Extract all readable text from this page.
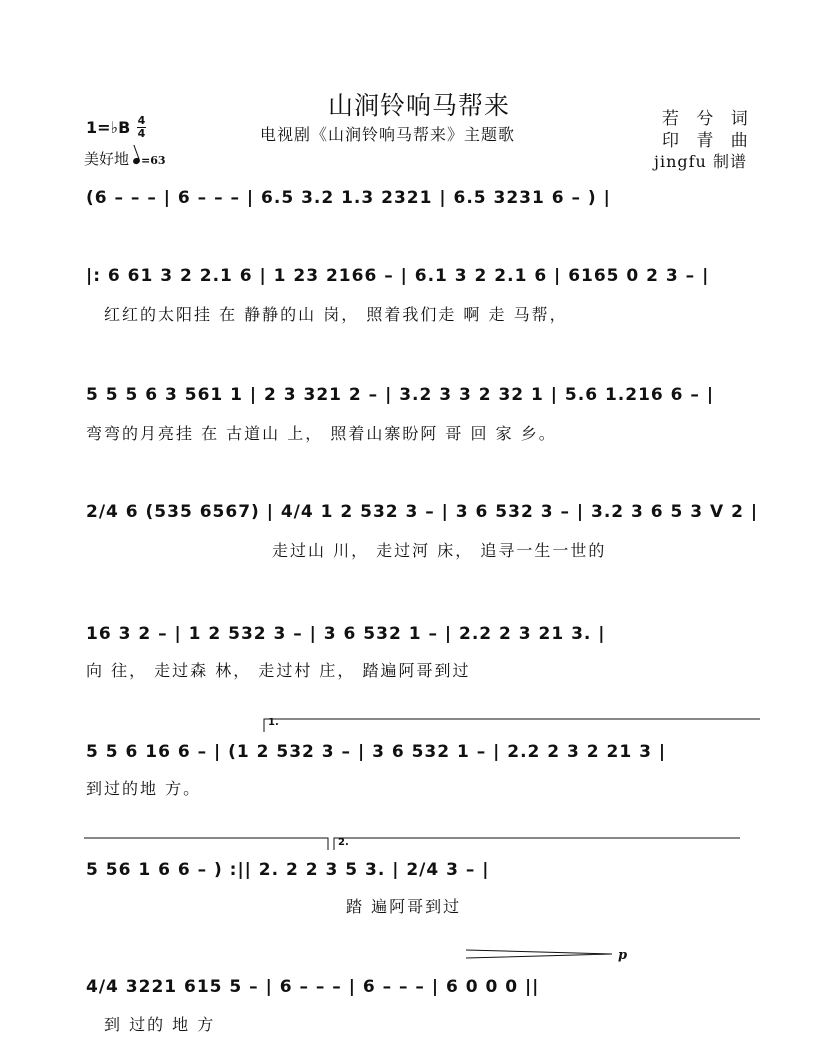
山涧铃响马帮来
电视剧《山涧铃响马帮来》主题歌
若 兮 词
印 青 曲
jingfu 制谱
1=♭B 4
4
美好地 =63
(6 – – – | 6 – – – | 6.5 3.2 1.3 2321 | 6.5 3231 6 – ) |
|: 6 61 3 2 2.1 6 | 1 23 2166 – | 6.1 3 2 2.1 6 | 6165 0 2 3 – |
红红的太阳挂 在 静静的山 岗， 照着我们走 啊 走 马帮，
5 5 5 6 3 561 1 | 2 3 321 2 – | 3.2 3 3 2 32 1 | 5.6 1.216 6 – |
弯弯的月亮挂 在 古道山 上， 照着山寨盼阿 哥 回 家 乡。
2/4 6 (535 6567) | 4/4 1 2 532 3 – | 3 6 532 3 – | 3.2 3 6 5 3 V 2 |
走过山 川， 走过河 床， 追寻一生一世的
16 3 2 – | 1 2 532 3 – | 3 6 532 1 – | 2.2 2 3 21 3. |
向 往， 走过森 林， 走过村 庄， 踏遍阿哥到过
1.
5 5 6 16 6 – | (1 2 532 3 – | 3 6 532 1 – | 2.2 2 3 2 21 3 |
到过的地 方。
2.
5 56 1 6 6 – ) :|| 2. 2 2 3 5 3. | 2/4 3 – |
踏 遍阿哥到过
p
4/4 3221 615 5 – | 6 – – – | 6 – – – | 6 0 0 0 ||
到 过的 地 方
